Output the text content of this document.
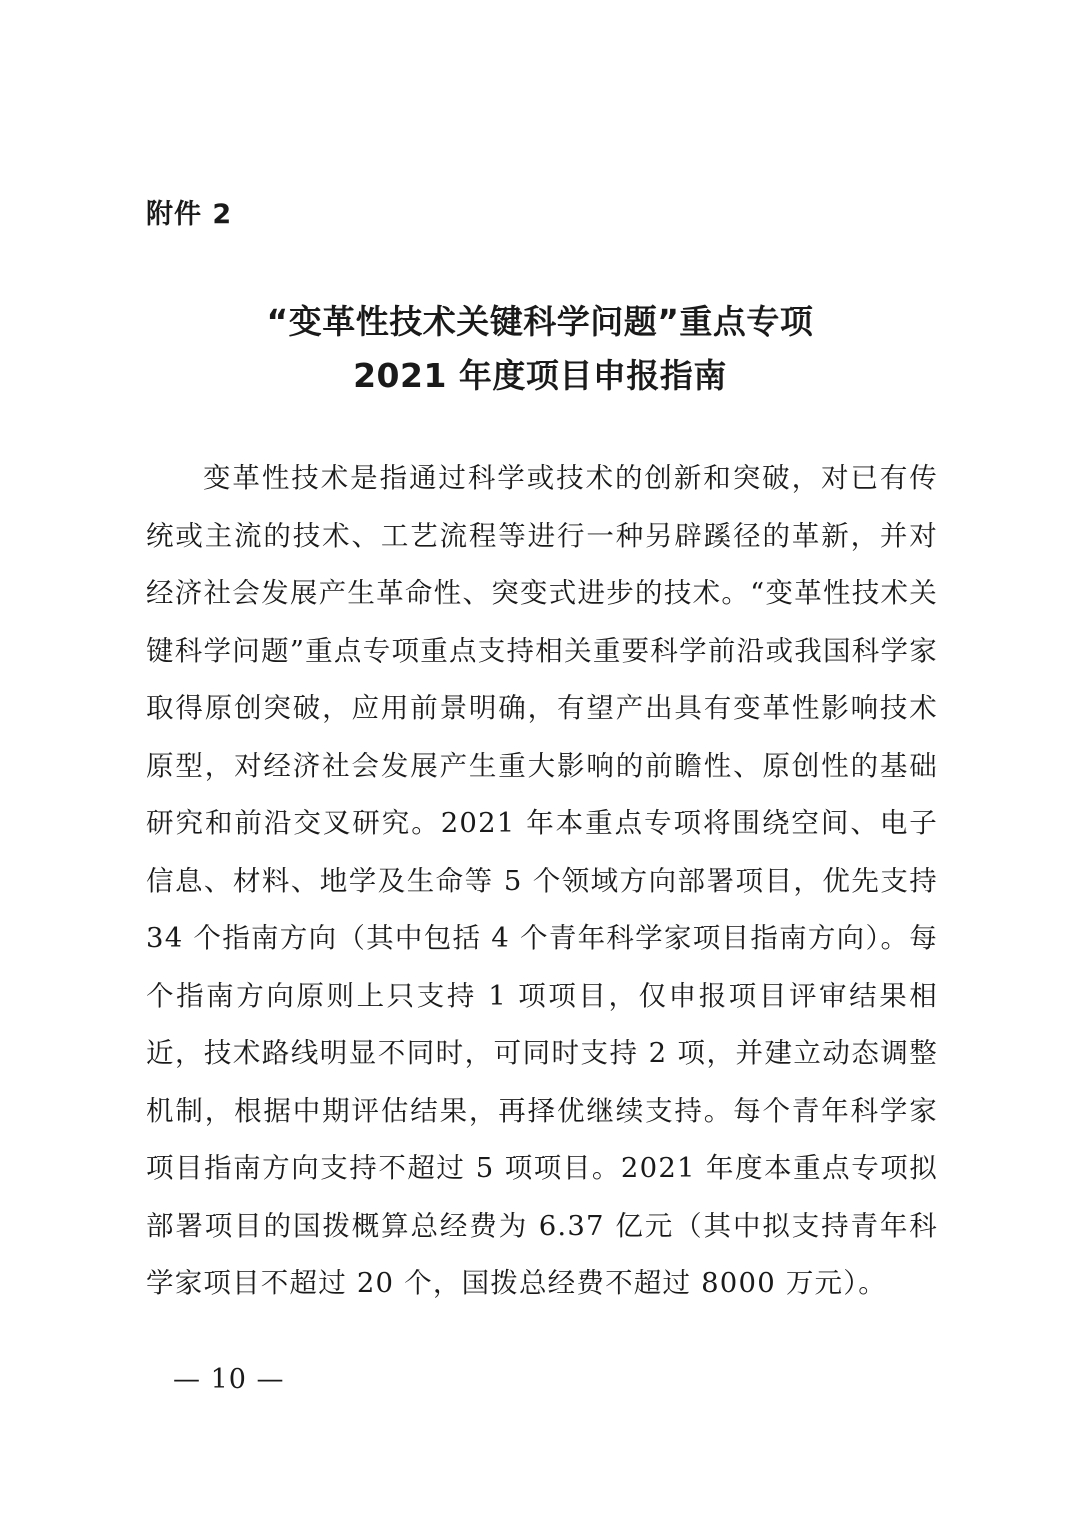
附件 2
“变革性技术关键科学问题”重点专项
2021 年度项目申报指南

变革性技术是指通过科学或技术的创新和突破，对已有传统或主流的技术、工艺流程等进行一种另辟蹊径的革新，并对经济社会发展产生革命性、突变式进步的技术。“变革性技术关键科学问题”重点专项重点支持相关重要科学前沿或我国科学家取得原创突破，应用前景明确，有望产出具有变革性影响技术原型，对经济社会发展产生重大影响的前瞻性、原创性的基础研究和前沿交叉研究。2021 年本重点专项将围绕空间、电子信息、材料、地学及生命等 5 个领域方向部署项目，优先支持 34 个指南方向（其中包括 4 个青年科学家项目指南方向）。每个指南方向原则上只支持 1 项项目，仅申报项目评审结果相近，技术路线明显不同时，可同时支持 2 项，并建立动态调整机制，根据中期评估结果，再择优继续支持。每个青年科学家项目指南方向支持不超过 5 项项目。2021 年度本重点专项拟部署项目的国拨概算总经费为 6.37 亿元（其中拟支持青年科学家项目不超过 20 个，国拨总经费不超过 8000 万元）。

— 10 —
